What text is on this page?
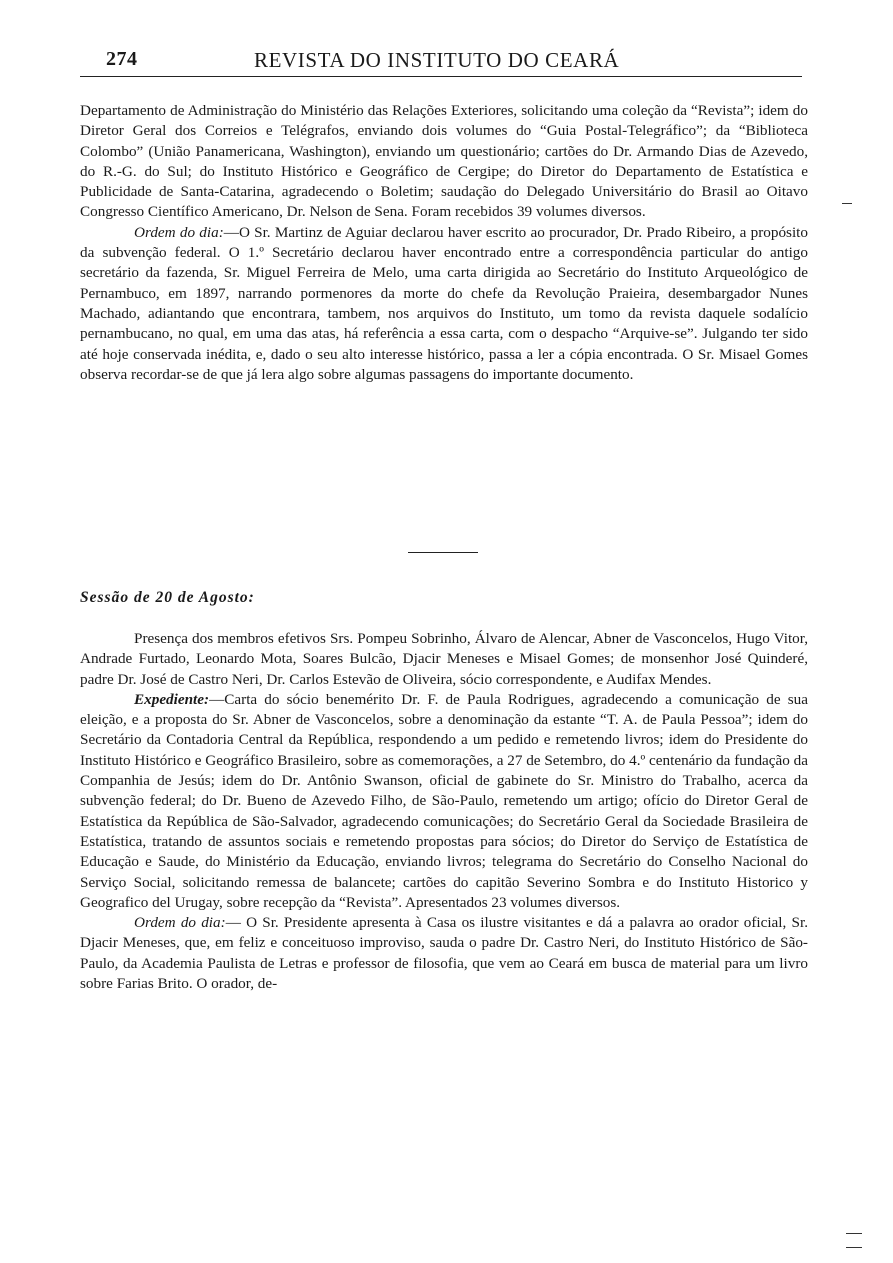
274	REVISTA DO INSTITUTO DO CEARÁ

Departamento de Administração do Ministério das Relações Exteriores, solicitando uma coleção da “Revista”; idem do Diretor Geral dos Correios e Telégrafos, enviando dois volumes do “Guia Postal-Telegráfico”; da “Biblioteca Colombo” (União Panamericana, Washington), enviando um questionário; cartões do Dr. Armando Dias de Azevedo, do R.-G. do Sul; do Instituto Histórico e Geográfico de Cergipe; do Diretor do Departamento de Estatística e Publicidade de Santa-Catarina, agradecendo o Boletim; saudação do Delegado Universitário do Brasil ao Oitavo Congresso Científico Americano, Dr. Nelson de Sena. Foram recebidos 39 volumes diversos.

Ordem do dia:—O Sr. Martinz de Aguiar declarou haver escrito ao procurador, Dr. Prado Ribeiro, a propósito da subvenção federal. O 1.º Secretário declarou haver encontrado entre a correspondência particular do antigo secretário da fazenda, Sr. Miguel Ferreira de Melo, uma carta dirigida ao Secretário do Instituto Arqueológico de Pernambuco, em 1897, narrando pormenores da morte do chefe da Revolução Praieira, desembargador Nunes Machado, adiantando que encontrara, tambem, nos arquivos do Instituto, um tomo da revista daquele sodalício pernambucano, no qual, em uma das atas, há referência a essa carta, com o despacho “Arquive-se”. Julgando ter sido até hoje conservada inédita, e, dado o seu alto interesse histórico, passa a ler a cópia encontrada. O Sr. Misael Gomes observa recordar-se de que já lera algo sobre algumas passagens do importante documento.

Sessão de 20 de Agosto:

Presença dos membros efetivos Srs. Pompeu Sobrinho, Álvaro de Alencar, Abner de Vasconcelos, Hugo Vitor, Andrade Furtado, Leonardo Mota, Soares Bulcão, Djacir Meneses e Misael Gomes; de monsenhor José Quinderé, padre Dr. José de Castro Neri, Dr. Carlos Estevão de Oliveira, sócio correspondente, e Audifax Mendes.

Expediente:—Carta do sócio benemérito Dr. F. de Paula Rodrigues, agradecendo a comunicação de sua eleição, e a proposta do Sr. Abner de Vasconcelos, sobre a denominação da estante “T. A. de Paula Pessoa”; idem do Secretário da Contadoria Central da República, respondendo a um pedido e remetendo livros; idem do Presidente do Instituto Histórico e Geográfico Brasileiro, sobre as comemorações, a 27 de Setembro, do 4.º centenário da fundação da Companhia de Jesús; idem do Dr. Antônio Swanson, oficial de gabinete do Sr. Ministro do Trabalho, acerca da subvenção federal; do Dr. Bueno de Azevedo Filho, de São-Paulo, remetendo um artigo; ofício do Diretor Geral de Estatística da República de São-Salvador, agradecendo comunicações; do Secretário Geral da Sociedade Brasileira de Estatística, tratando de assuntos sociais e remetendo propostas para sócios; do Diretor do Serviço de Estatística de Educação e Saude, do Ministério da Educação, enviando livros; telegrama do Secretário do Conselho Nacional do Serviço Social, solicitando remessa de balancete; cartões do capitão Severino Sombra e do Instituto Historico y Geografico del Urugay, sobre recepção da “Revista”. Apresentados 23 volumes diversos.

Ordem do dia:— O Sr. Presidente apresenta à Casa os ilustre visitantes e dá a palavra ao orador oficial, Sr. Djacir Meneses, que, em feliz e conceituoso improviso, sauda o padre Dr. Castro Neri, do Instituto Histórico de São-Paulo, da Academia Paulista de Letras e professor de filosofia, que vem ao Ceará em busca de material para um livro sobre Farias Brito. O orador, de-
